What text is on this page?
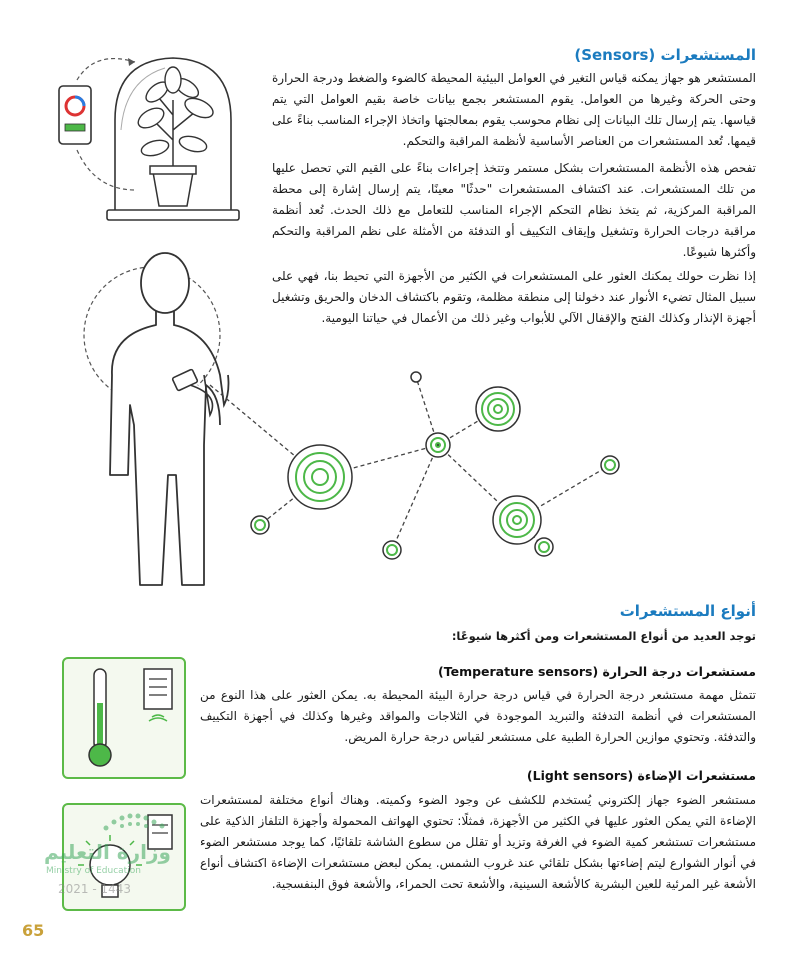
المستشعرات (Sensors)
المستشعر هو جهاز يمكنه قياس التغير في العوامل البيئية المحيطة كالضوء والضغط ودرجة الحرارة وحتى الحركة وغيرها من العوامل. يقوم المستشعر بجمع بيانات خاصة بقيم العوامل التي يتم قياسها. يتم إرسال تلك البيانات إلى نظام محوسب يقوم بمعالجتها واتخاذ الإجراء المناسب بناءً على قيمها. تُعد المستشعرات من العناصر الأساسية لأنظمة المراقبة والتحكم.
تفحص هذه الأنظمة المستشعرات بشكل مستمر وتتخذ إجراءات بناءً على القيم التي تحصل عليها من تلك المستشعرات. عند اكتشاف المستشعرات "حدثًا" معينًا، يتم إرسال إشارة إلى محطة المراقبة المركزية، ثم يتخذ نظام التحكم الإجراء المناسب للتعامل مع ذلك الحدث. تُعد أنظمة مراقبة درجات الحرارة وتشغيل وإيقاف التكييف أو التدفئة من الأمثلة على نظم المراقبة والتحكم وأكثرها شيوعًا.
إذا نظرت حولك يمكنك العثور على المستشعرات في الكثير من الأجهزة التي تحيط بنا، فهي على سبيل المثال تضيء الأنوار عند دخولنا إلى منطقة مظلمة، وتقوم باكتشاف الدخان والحريق وتشغيل أجهزة الإنذار وكذلك الفتح والإقفال الآلي للأبواب وغير ذلك من الأعمال في حياتنا اليومية.
أنواع المستشعرات
توجد العديد من أنواع المستشعرات ومن أكثرها شيوعًا:
مستشعرات درجة الحرارة (Temperature sensors)
تتمثل مهمة مستشعر درجة الحرارة في قياس درجة حرارة البيئة المحيطة به. يمكن العثور على هذا النوع من المستشعرات في أنظمة التدفئة والتبريد الموجودة في الثلاجات والمواقد وغيرها وكذلك في أجهزة التكييف والتدفئة. وتحتوي موازين الحرارة الطبية على مستشعر لقياس درجة حرارة المريض.
وزارة التعليم
Ministry of Education
2021 - 1443
مستشعرات الإضاءة (Light sensors)
مستشعر الضوء جهاز إلكتروني يُستخدم للكشف عن وجود الضوء وكميته. وهناك أنواع مختلفة لمستشعرات الإضاءة التي يمكن العثور عليها في الكثير من الأجهزة، فمثلًا: تحتوي الهواتف المحمولة وأجهزة التلفاز الذكية على مستشعرات تستشعر كمية الضوء في الغرفة وتزيد أو تقلل من سطوع الشاشة تلقائيًا، كما يوجد مستشعر الضوء في أنوار الشوارع ليتم إضاءتها بشكل تلقائي عند غروب الشمس. يمكن لبعض مستشعرات الإضاءة اكتشاف أنواع الأشعة غير المرئية للعين البشرية كالأشعة السينية، والأشعة تحت الحمراء، والأشعة فوق البنفسجية.
65
